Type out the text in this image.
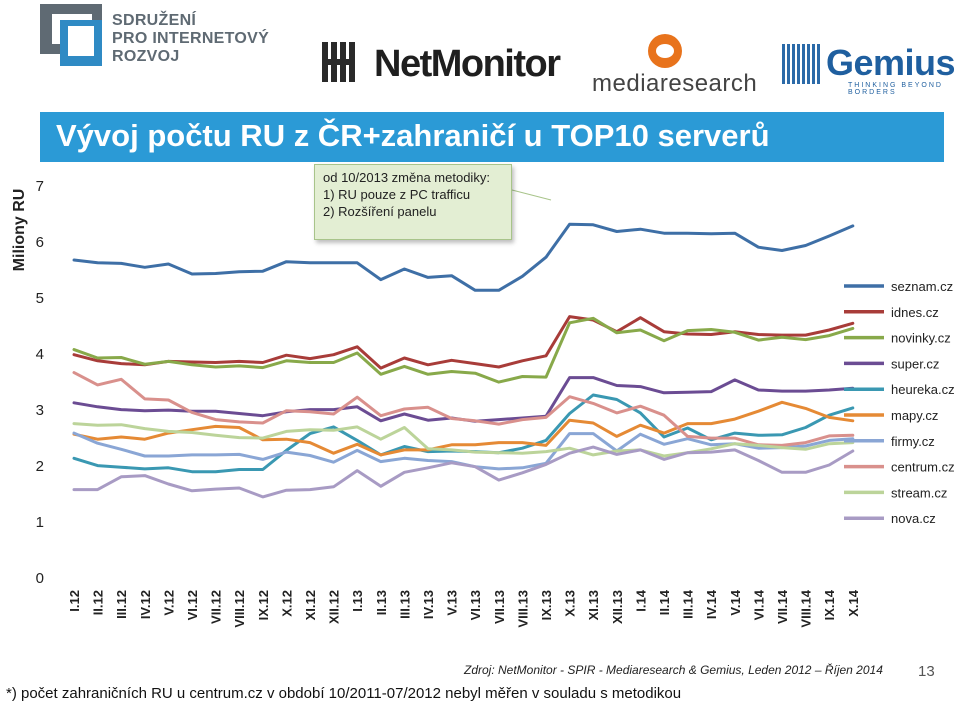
SDRUŽENÍ
PRO INTERNETOVÝ
ROZVOJ	NetMonitor mediaresearch
Gemius
THINKING BEYOND BORDERS
Vývoj počtu RU z ČR+zahraničí u TOP10 serverů
0
1
2
3
4
5
6
7
I.12 II.12 III.12 IV.12 V.12 VI.12 VII.12 VIII.12 IX.12 X.12 XI.12 XII.12 I.13 II.13 III.13 IV.13 V.13 VI.13 VII.13 VIII.13 IX.13 X.13 XI.13 XII.13 I.14 II.14 III.14 IV.14 V.14 VI.14 VII.14 VIII.14 IX.14 X.14
seznam.cz
idnes.cz
novinky.cz
super.cz
heureka.cz
mapy.cz
firmy.cz
centrum.cz
stream.cz
nova.cz
Miliony RU
od 10/2013 změna metodiky:
1) RU pouze z PC trafficu
2) Rozšíření panelu
Zdroj: NetMonitor - SPIR - Mediaresearch & Gemius, Leden 2012 – Říjen 2014 13
*) počet zahraničních RU u centrum.cz v období 10/2011-07/2012 nebyl měřen v souladu s metodikou
